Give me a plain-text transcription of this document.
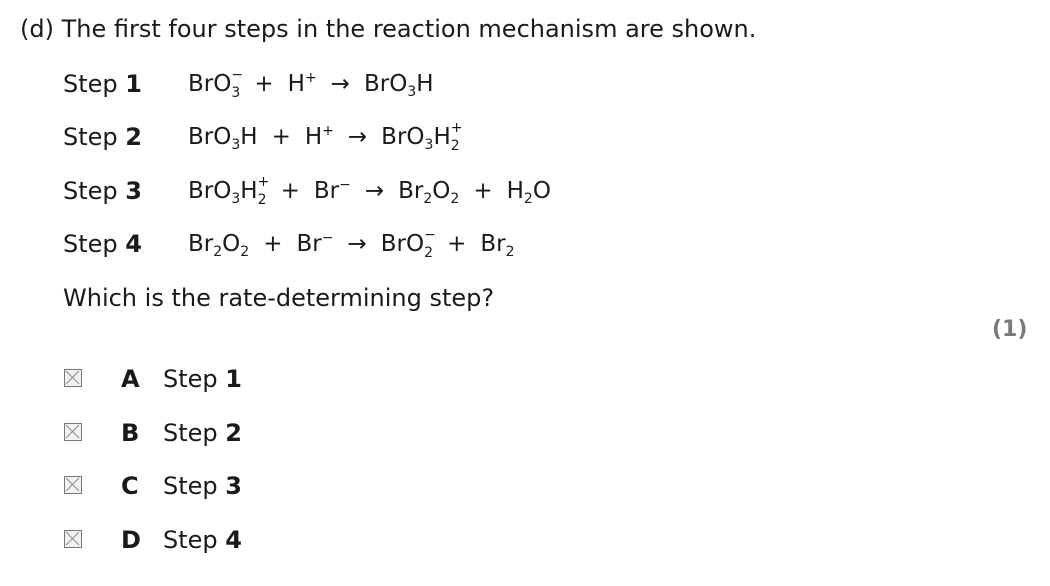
(d) The first four steps in the reaction mechanism are shown.
Step 1 BrO −
3 + H+ → BrO$_3$H
Step 2 BrO$_3$H + H+ → BrO$_3$H +
2
Step 3 BrO$_3$H +
$2 + Br^- \to Br_2O_2 + H_2O$
Step 4 $Br_2O_2 + Br^-$ → BrO −
$2 + Br_2$
Which is the rate-determining step?
(1)
A Step 1
B Step 2
C Step 3
D Step 4
